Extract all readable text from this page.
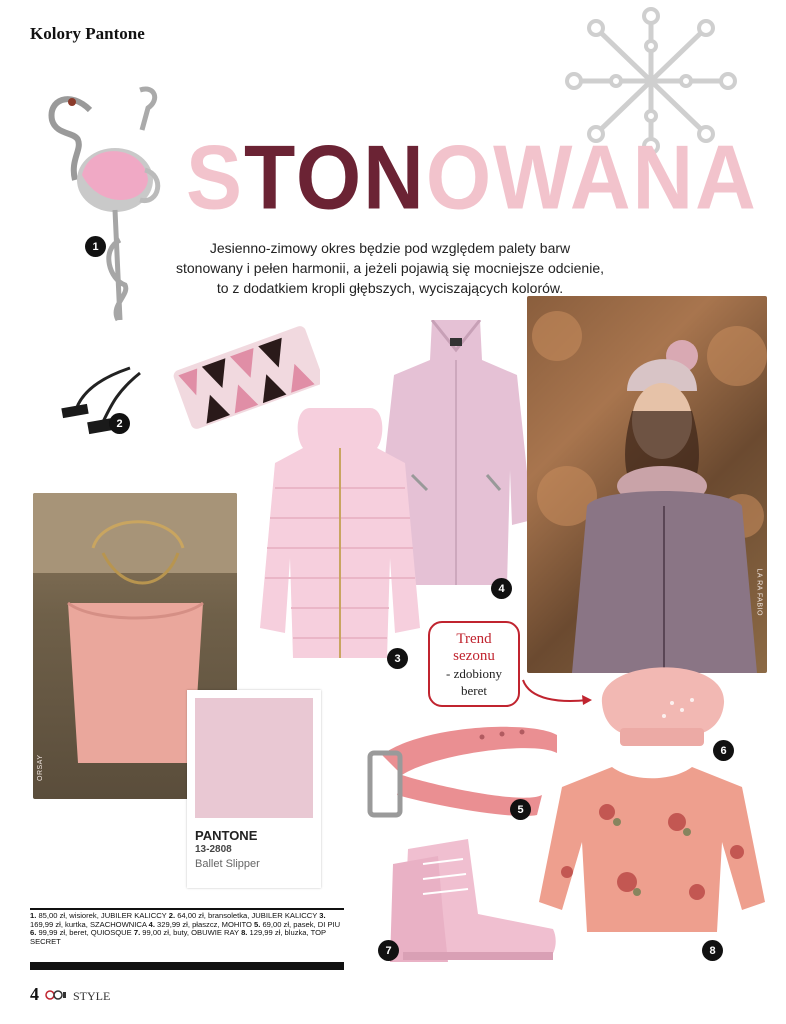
Kolory Pantone
1
STONOWANA
Jesienno-zimowy okres będzie pod względem palety barw
stonowany i pełen harmonii, a jeżeli pojawią się mocniejsze odcienie,
to z dodatkiem kropli głębszych, wyciszających kolorów.
2
4
3
LA RA FABIO
ORSAY
PANTONE
13-2808
Ballet Slipper
Trend
sezonu
- zdobiony
beret
6
5
7	8
1. 85,00 zł, wisiorek, JUBILER KALICCY 2. 64,00 zł, bransoletka, JUBILER KALICCY 3. 169,99 zł, kurtka, SZACHOWNICA 4. 329,99 zł, płaszcz, MOHITO 5. 69,00 zł, pasek, DI PIU 6. 99,99 zł, beret, QUIOSQUE 7. 99,00 zł, buty, OBUWIE RAY 8. 129,99 zł, bluzka, TOP SECRET
4	STYLE
